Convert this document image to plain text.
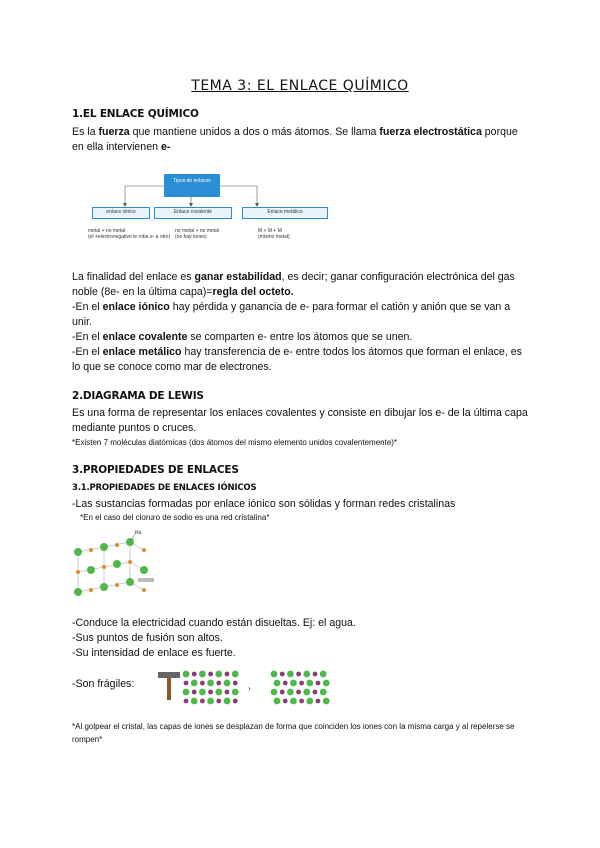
TEMA 3: EL ENLACE QUÍMICO
1.EL ENLACE QUÍMICO
Es la fuerza que mantiene unidos a dos o más átomos. Se llama fuerza electrostática porque en ella intervienen e-
Tipos de enlaces
enlace iónico	Enlace covalente	Enlace metálico
metal + no metal
(el +electronegativo le roba e- a otro)
no metal + no metal
(no hay iones)
M + M + M
(mismo metal)
La finalidad del enlace es ganar estabilidad, es decir; ganar configuración electrónica del gas noble (8e- en la última capa)=regla del octeto.
-En el enlace iónico hay pérdida y ganancia de e- para formar el catión y anión que se van a unir.
-En el enlace covalente se comparten e- entre los átomos que se unen.
-En el enlace metálico hay transferencia de e- entre todos los átomos que forman el enlace, es lo que se conoce como mar de electrones.
2.DIAGRAMA DE LEWIS
Es una forma de representar los enlaces covalentes y consiste en dibujar los e- de la última capa mediante puntos o cruces.
*Existen 7 moléculas diatómicas (dos átomos del mismo elemento unidos covalentemente)*
3.PROPIEDADES DE ENLACES
3.1.PROPIEDADES DE ENLACES IÓNICOS
-Las sustancias formadas por enlace iónico son sólidas y forman redes cristalinas
*En el caso del cloruro de sodio es una red cristalina*
Na
-Conduce la electricidad cuando están disueltas. Ej: el agua.
-Sus puntos de fusión son altos.
-Su intensidad de enlace es fuerte.
-Son frágiles:	›
*Al golpear el cristal, las capas de iones se desplazan de forma que coinciden los iones con la misma carga y al repelerse se rompen*
